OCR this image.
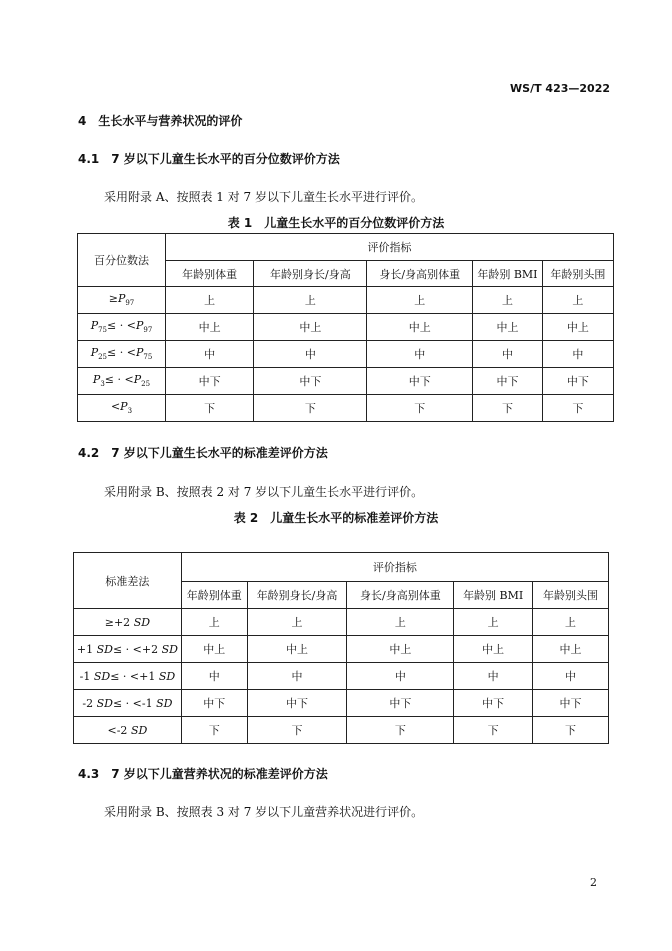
WS/T 423—2022
4　生长水平与营养状况的评价
4.1　7 岁以下儿童生长水平的百分位数评价方法
采用附录 A、按照表 1 对 7 岁以下儿童生长水平进行评价。
表 1　儿童生长水平的百分位数评价方法
百分位数法	评价指标				
	年龄别体重	年龄别身长/身高	身长/身高别体重	年龄别 BMI	年龄别头围
$\ge P_{97}$	上	上	上	上	上
$P_{75}\le \cdot <P_{97}$	中上	中上	中上	中上	中上
$P_{25}\le \cdot <P_{75}$	中	中	中	中	中
$P_3\le \cdot <P_{25}$	中下	中下	中下	中下	中下
$<P_3$	下	下	下	下	下
4.2　7 岁以下儿童生长水平的标准差评价方法
采用附录 B、按照表 2 对 7 岁以下儿童生长水平进行评价。
表 2　儿童生长水平的标准差评价方法
标准差法	评价指标				
	年龄别体重	年龄别身长/身高	身长/身高别体重	年龄别 BMI	年龄别头围
≥+2 SD	上	上	上	上	上
+1 SD≤ · <+2 SD	中上	中上	中上	中上	中上
-1 SD≤ · <+1 SD	中	中	中	中	中
-2 SD≤ · <-1 SD	中下	中下	中下	中下	中下
<-2 SD	下	下	下	下	下
4.3　7 岁以下儿童营养状况的标准差评价方法
采用附录 B、按照表 3 对 7 岁以下儿童营养状况进行评价。
2
